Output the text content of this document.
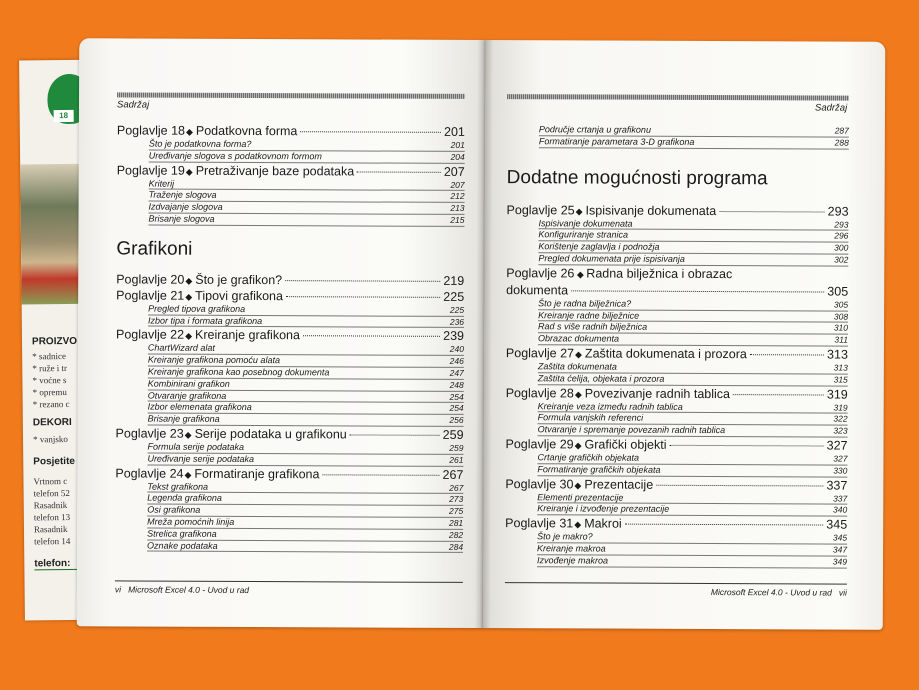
18
PROIZVO
* sadnice
* ruže i tr
* voćne s
* opremu
* rezano c
DEKORI
* vanjsko
Posjetite
Vrtnom c
telefon 52
Rasadnik
telefon 13
Rasadnik
telefon 14
telefon:
Sadržaj
Poglavlje 18 ◆ Podatkovna forma	201
Što je podatkovna forma?	201
Uređivanje slogova s podatkovnom formom	204
Poglavlje 19 ◆ Pretraživanje baze podataka	207
Kriterij	207
Traženje slogova	212
Izdvajanje slogova	213
Brisanje slogova	215
Grafikoni
Poglavlje 20 ◆ Što je grafikon?	219
Poglavlje 21 ◆ Tipovi grafikona	225
Pregled tipova grafikona	225
Izbor tipa i formata grafikona	236
Poglavlje 22 ◆ Kreiranje grafikona	239
ChartWizard alat	240
Kreiranje grafikona pomoću alata	246
Kreiranje grafikona kao posebnog dokumenta	247
Kombinirani grafikon	248
Otvaranje grafikona	254
Izbor elemenata grafikona	254
Brisanje grafikona	256
Poglavlje 23 ◆ Serije podataka u grafikonu	259
Formula serije podataka	259
Uređivanje serije podataka	261
Poglavlje 24 ◆ Formatiranje grafikona	267
Tekst grafikona	267
Legenda grafikona	273
Osi grafikona	275
Mreža pomoćnih linija	281
Strelica grafikona	282
Oznake podataka	284
vi Microsoft Excel 4.0 - Uvod u rad
Sadržaj
Područje crtanja u grafikonu	287
Formatiranje parametara 3-D grafikona	288
Dodatne mogućnosti programa
Poglavlje 25 ◆ Ispisivanje dokumenata	293
Ispisivanje dokumenata	293
Konfiguriranje stranica	296
Korištenje zaglavlja i podnožja	300
Pregled dokumenata prije ispisivanja	302
Poglavlje 26 ◆ Radna bilježnica i obrazac
dokumenta	305
Što je radna bilježnica?	305
Kreiranje radne bilježnice	308
Rad s više radnih bilježnica	310
Obrazac dokumenta	311
Poglavlje 27 ◆ Zaštita dokumenata i prozora	313
Zaštita dokumenata	313
Zaštita ćelija, objekata i prozora	315
Poglavlje 28 ◆ Povezivanje radnih tablica	319
Kreiranje veza između radnih tablica	319
Formula vanjskih referenci	322
Otvaranje i spremanje povezanih radnih tablica	323
Poglavlje 29 ◆ Grafički objekti	327
Crtanje grafičkih objekata	327
Formatiranje grafičkih objekata	330
Poglavlje 30 ◆ Prezentacije	337
Elementi prezentacije	337
Kreiranje i izvođenje prezentacije	340
Poglavlje 31 ◆ Makroi	345
Što je makro?	345
Kreiranje makroa	347
Izvođenje makroa	349
Microsoft Excel 4.0 - Uvod u rad vii
